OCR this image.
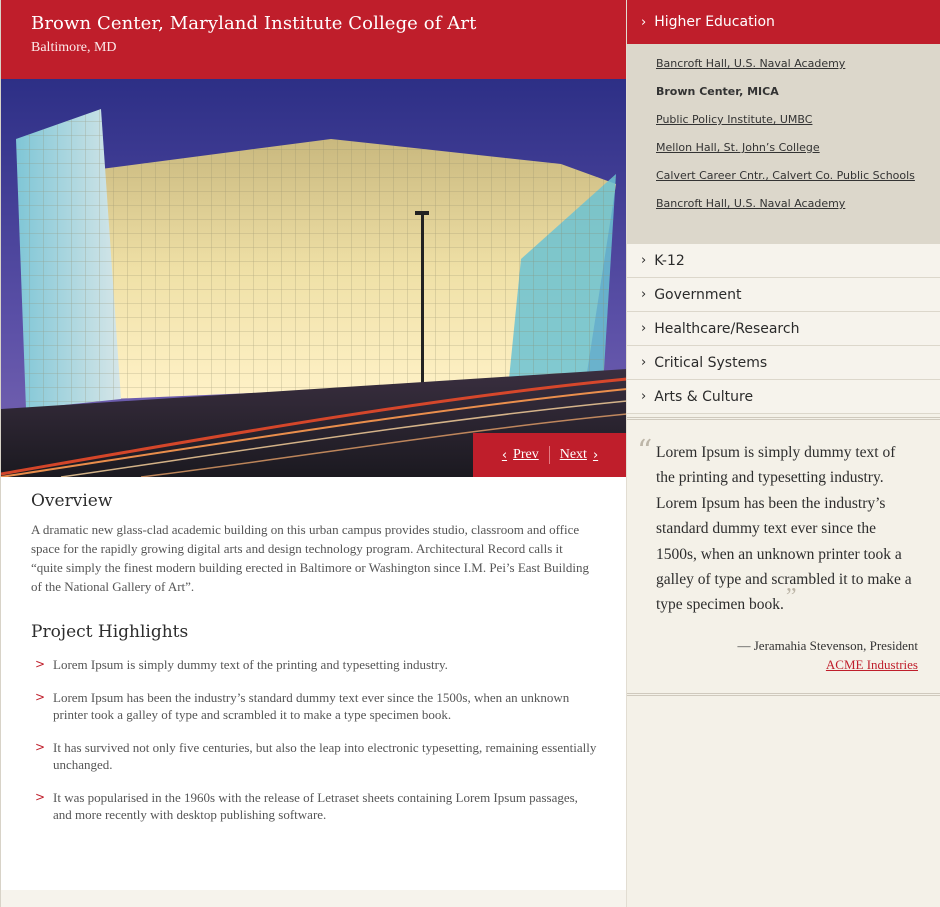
Brown Center, Maryland Institute College of Art
Baltimore, MD
‹ Prev Next ›
Overview

A dramatic new glass-clad academic building on this urban campus provides studio, classroom and office space for the rapidly growing digital arts and design technology program. Architectural Record calls it “quite simply the finest modern building erected in Baltimore or Washington since I.M. Pei’s East Building of the National Gallery of Art”.

Project Highlights
> Lorem Ipsum is simply dummy text of the printing and typesetting industry.
> Lorem Ipsum has been the industry’s standard dummy text ever since the 1500s, when an unknown printer took a galley of type and scrambled it to make a type specimen book.
> It has survived not only five centuries, but also the leap into electronic typesetting, remaining essentially unchanged.
> It was popularised in the 1960s with the release of Letraset sheets containing Lorem Ipsum passages, and more recently with desktop publishing software.
› Higher Education
Bancroft Hall, U.S. Naval Academy
Brown Center, MICA
Public Policy Institute, UMBC
Mellon Hall, St. John’s College
Calvert Career Cntr., Calvert Co. Public Schools
Bancroft Hall, U.S. Naval Academy
› K-12
› Government
› Healthcare/Research
› Critical Systems
› Arts & Culture
“ Lorem Ipsum is simply dummy text of the printing and typesetting industry. Lorem Ipsum has been the industry’s standard dummy text ever since the 1500s, when an unknown printer took a galley of type and scrambled it to make a type specimen book.”

— Jeramahia Stevenson, President
ACME Industries
